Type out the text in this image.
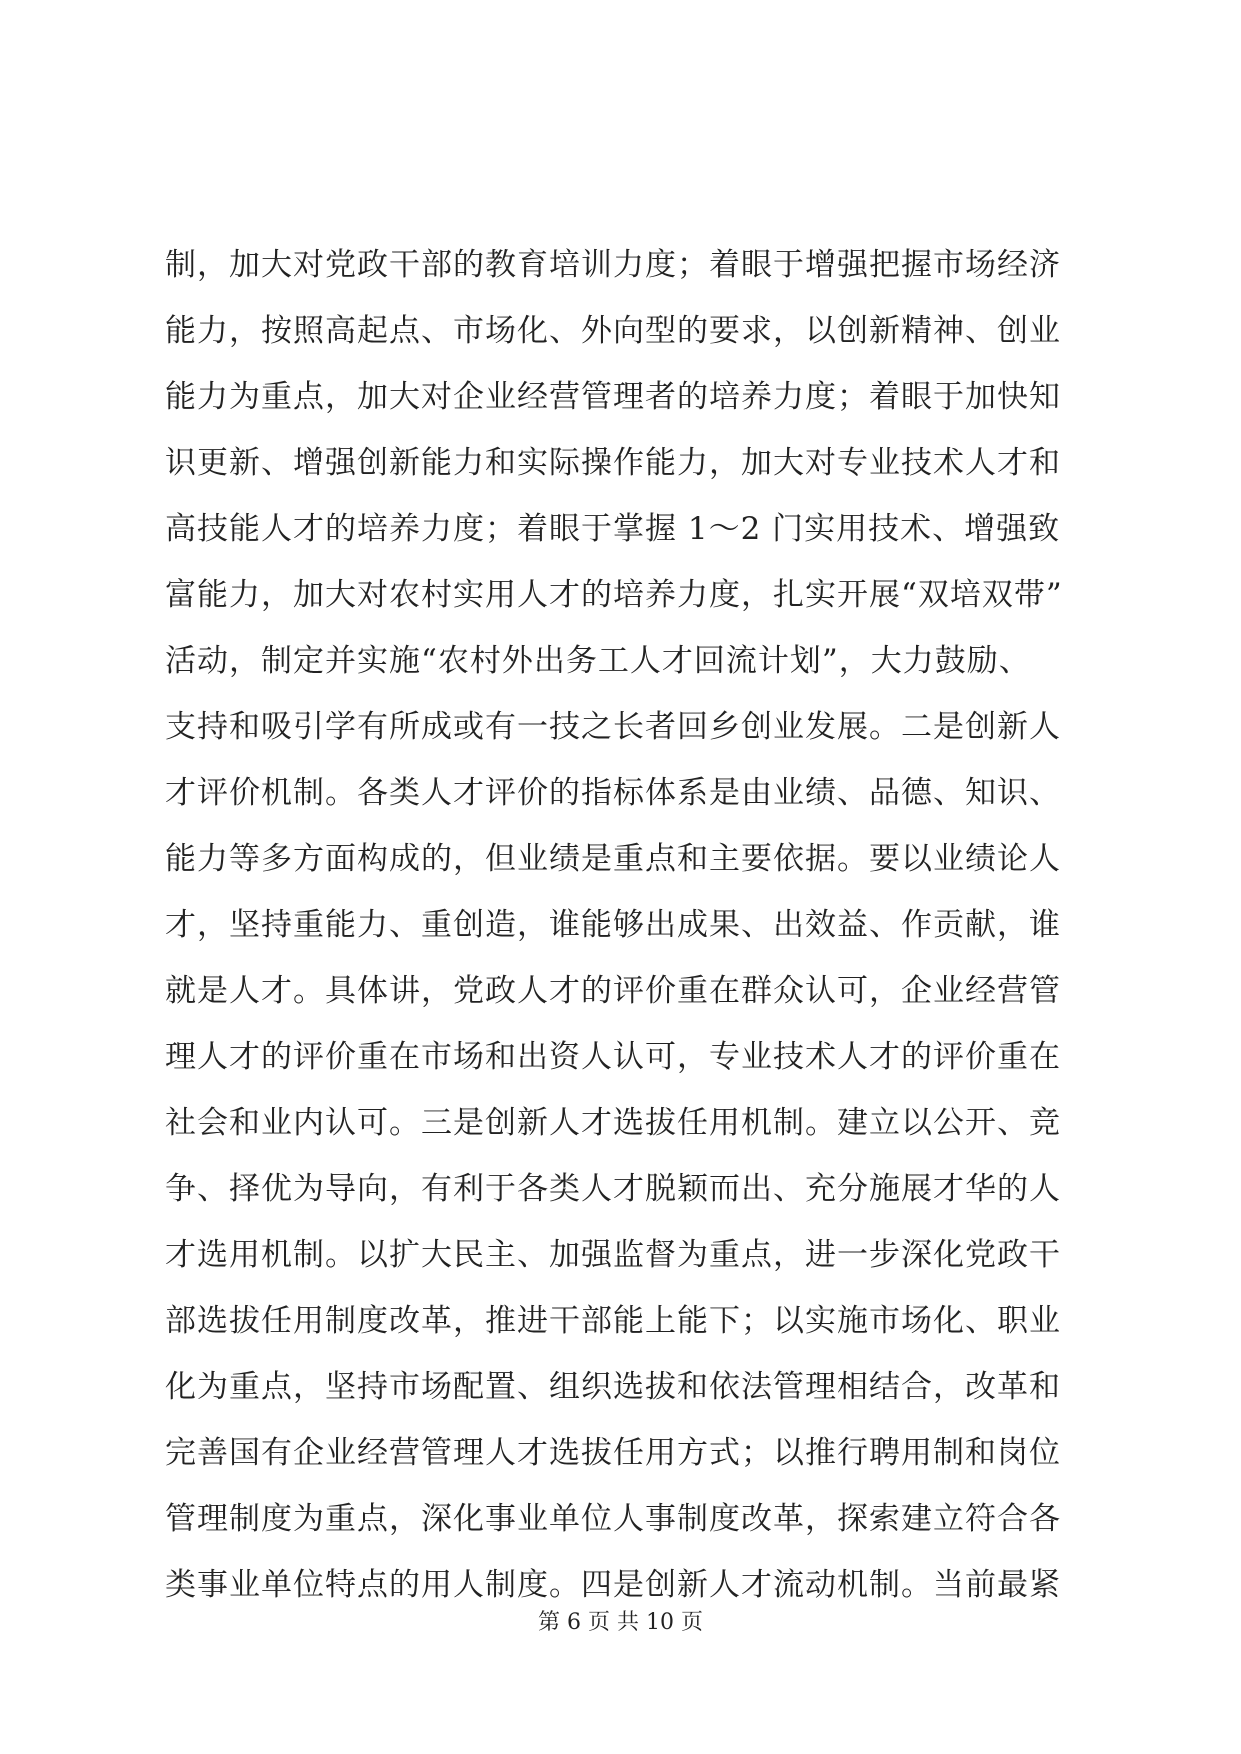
制，加大对党政干部的教育培训力度；着眼于增强把握市场经济
能力，按照高起点、市场化、外向型的要求，以创新精神、创业
能力为重点，加大对企业经营管理者的培养力度；着眼于加快知
识更新、增强创新能力和实际操作能力，加大对专业技术人才和
高技能人才的培养力度；着眼于掌握 1～2 门实用技术、增强致
富能力，加大对农村实用人才的培养力度，扎实开展“双培双带”
活动，制定并实施“农村外出务工人才回流计划”，大力鼓励、
支持和吸引学有所成或有一技之长者回乡创业发展。二是创新人
才评价机制。各类人才评价的指标体系是由业绩、品德、知识、
能力等多方面构成的，但业绩是重点和主要依据。要以业绩论人
才，坚持重能力、重创造，谁能够出成果、出效益、作贡献，谁
就是人才。具体讲，党政人才的评价重在群众认可，企业经营管
理人才的评价重在市场和出资人认可，专业技术人才的评价重在
社会和业内认可。三是创新人才选拔任用机制。建立以公开、竞
争、择优为导向，有利于各类人才脱颖而出、充分施展才华的人
才选用机制。以扩大民主、加强监督为重点，进一步深化党政干
部选拔任用制度改革，推进干部能上能下；以实施市场化、职业
化为重点，坚持市场配置、组织选拔和依法管理相结合，改革和
完善国有企业经营管理人才选拔任用方式；以推行聘用制和岗位
管理制度为重点，深化事业单位人事制度改革，探索建立符合各
类事业单位特点的用人制度。四是创新人才流动机制。当前最紧
第 6 页 共 10 页
